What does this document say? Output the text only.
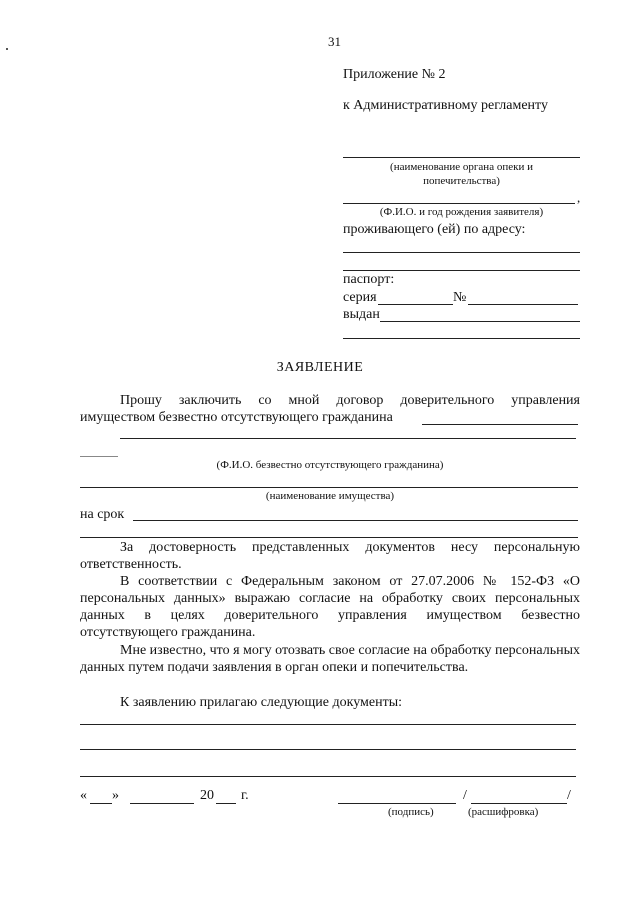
31
Приложение № 2
к Административному регламенту
(наименование органа опеки и
попечительства)
,
(Ф.И.О. и год рождения заявителя)
проживающего (ей) по адресу:
паспорт:
серия	№
выдан
ЗАЯВЛЕНИЕ
Прошу заключить со мной договор доверительного управления
имуществом безвестно отсутствующего гражданина
(Ф.И.О. безвестно отсутствующего гражданина)
(наименование имущества)
на срок

За достоверность представленных документов несу персональную ответственность.

В соответствии с Федеральным законом от 27.07.2006 № 152-ФЗ «О персональных данных» выражаю согласие на обработку своих персональных данных в целях доверительного управления имуществом безвестно отсутствующего гражданина.

Мне известно, что я могу отозвать свое согласие на обработку персональных данных путем подачи заявления в орган опеки и попечительства.

К заявлению прилагаю следующие документы:

« »	20 г.	/	/
(подпись)	(расшифровка)
